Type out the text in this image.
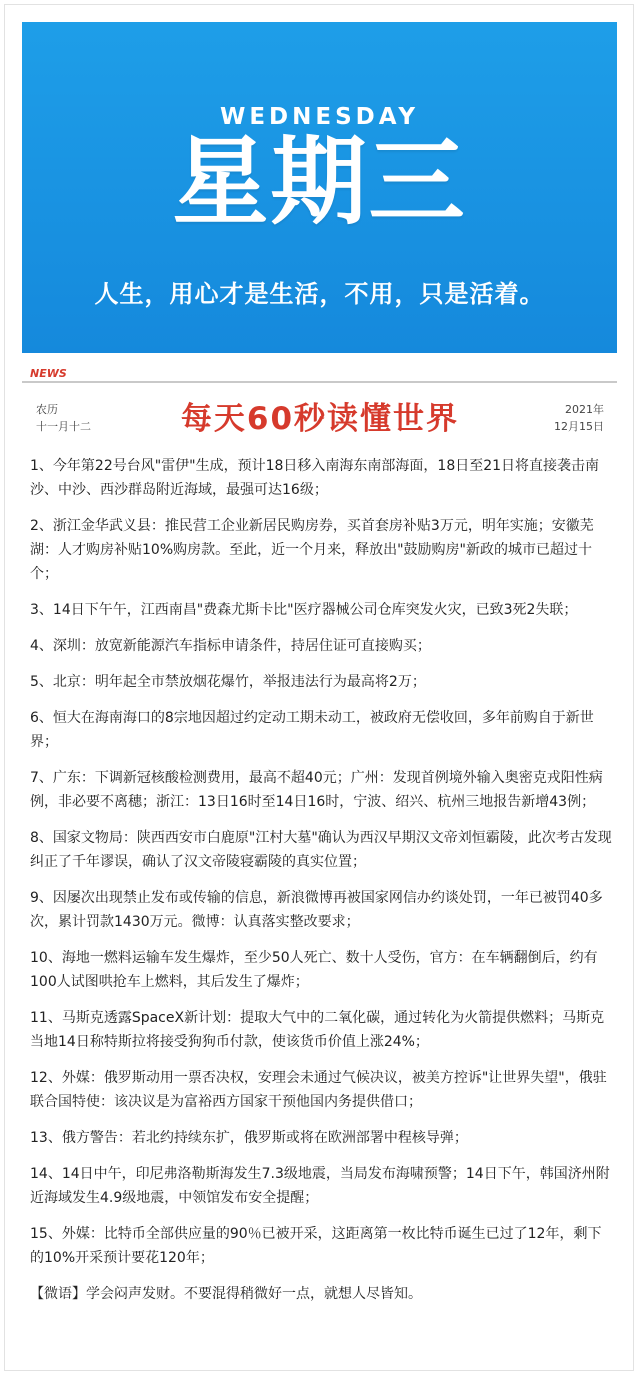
WEDNESDAY
星期三
人生，用心才是生活，不用，只是活着。
NEWS
农历
十一月十二	每天60秒读懂世界	2021年
12月15日

1、今年第22号台风"雷伊"生成，预计18日移入南海东南部海面，18日至21日将直接袭击南沙、中沙、西沙群岛附近海域，最强可达16级；

2、浙江金华武义县：推民营工企业新居民购房券，买首套房补贴3万元，明年实施；安徽芜湖：人才购房补贴10%购房款。至此，近一个月来，释放出"鼓励购房"新政的城市已超过十个；

3、14日下午午，江西南昌"费森尤斯卡比"医疗器械公司仓库突发火灾，已致3死2失联；

4、深圳：放宽新能源汽车指标申请条件，持居住证可直接购买；

5、北京：明年起全市禁放烟花爆竹，举报违法行为最高将2万；

6、恒大在海南海口的8宗地因超过约定动工期未动工，被政府无偿收回，多年前购自于新世界；

7、广东：下调新冠核酸检测费用，最高不超40元；广州：发现首例境外输入奥密克戎阳性病例，非必要不离穗；浙江：13日16时至14日16时，宁波、绍兴、杭州三地报告新增43例；

8、国家文物局：陕西西安市白鹿原"江村大墓"确认为西汉早期汉文帝刘恒霸陵，此次考古发现纠正了千年谬误，确认了汉文帝陵寝霸陵的真实位置；

9、因屡次出现禁止发布或传输的信息，新浪微博再被国家网信办约谈处罚，一年已被罚40多次，累计罚款1430万元。微博：认真落实整改要求；

10、海地一燃料运输车发生爆炸，至少50人死亡、数十人受伤，官方：在车辆翻倒后，约有100人试图哄抢车上燃料，其后发生了爆炸；

11、马斯克透露SpaceX新计划：提取大气中的二氧化碳，通过转化为火箭提供燃料；马斯克当地14日称特斯拉将接受狗狗币付款，使该货币价值上涨24%；

12、外媒：俄罗斯动用一票否决权，安理会未通过气候决议，被美方控诉"让世界失望"，俄驻联合国特使：该决议是为富裕西方国家干预他国内务提供借口；

13、俄方警告：若北约持续东扩，俄罗斯或将在欧洲部署中程核导弹；

14、14日中午，印尼弗洛勒斯海发生7.3级地震，当局发布海啸预警；14日下午，韩国济州附近海域发生4.9级地震，中领馆发布安全提醒；

15、外媒：比特币全部供应量的90％已被开采，这距离第一枚比特币诞生已过了12年，剩下的10%开采预计要花120年；

【微语】学会闷声发财。不要混得稍微好一点，就想人尽皆知。
